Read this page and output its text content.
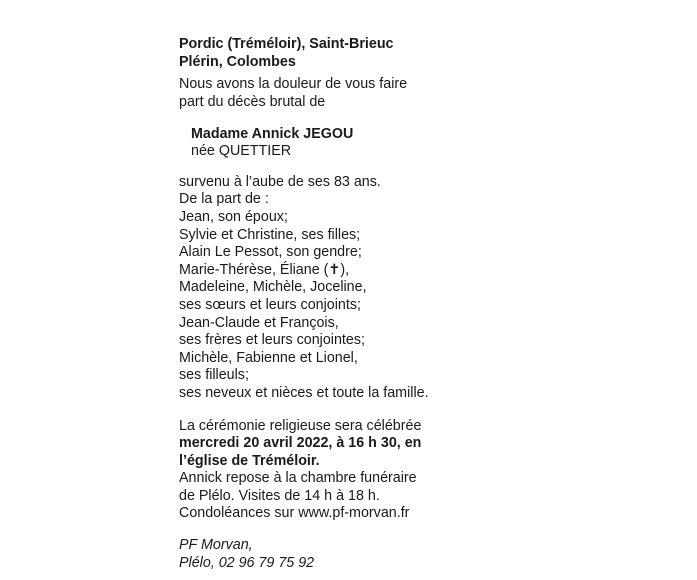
Pordic (Tréméloir), Saint-Brieuc
Plérin, Colombes
Nous avons la douleur de vous faire
part du décès brutal de
Madame Annick JEGOU
née QUETTIER
survenu à l’aube de ses 83 ans.
De la part de :
Jean, son époux;
Sylvie et Christine, ses filles;
Alain Le Pessot, son gendre;
Marie-Thérèse, Éliane (✝),
Madeleine, Michèle, Joceline,
ses sœurs et leurs conjoints;
Jean-Claude et François,
ses frères et leurs conjointes;
Michèle, Fabienne et Lionel,
ses filleuls;
ses neveux et nièces et toute la famille.
La cérémonie religieuse sera célébrée
mercredi 20 avril 2022, à 16 h 30, en
l’église de Tréméloir.
Annick repose à la chambre funéraire
de Plélo. Visites de 14 h à 18 h.
Condoléances sur www.pf-morvan.fr
PF Morvan,
Plélo, 02 96 79 75 92
